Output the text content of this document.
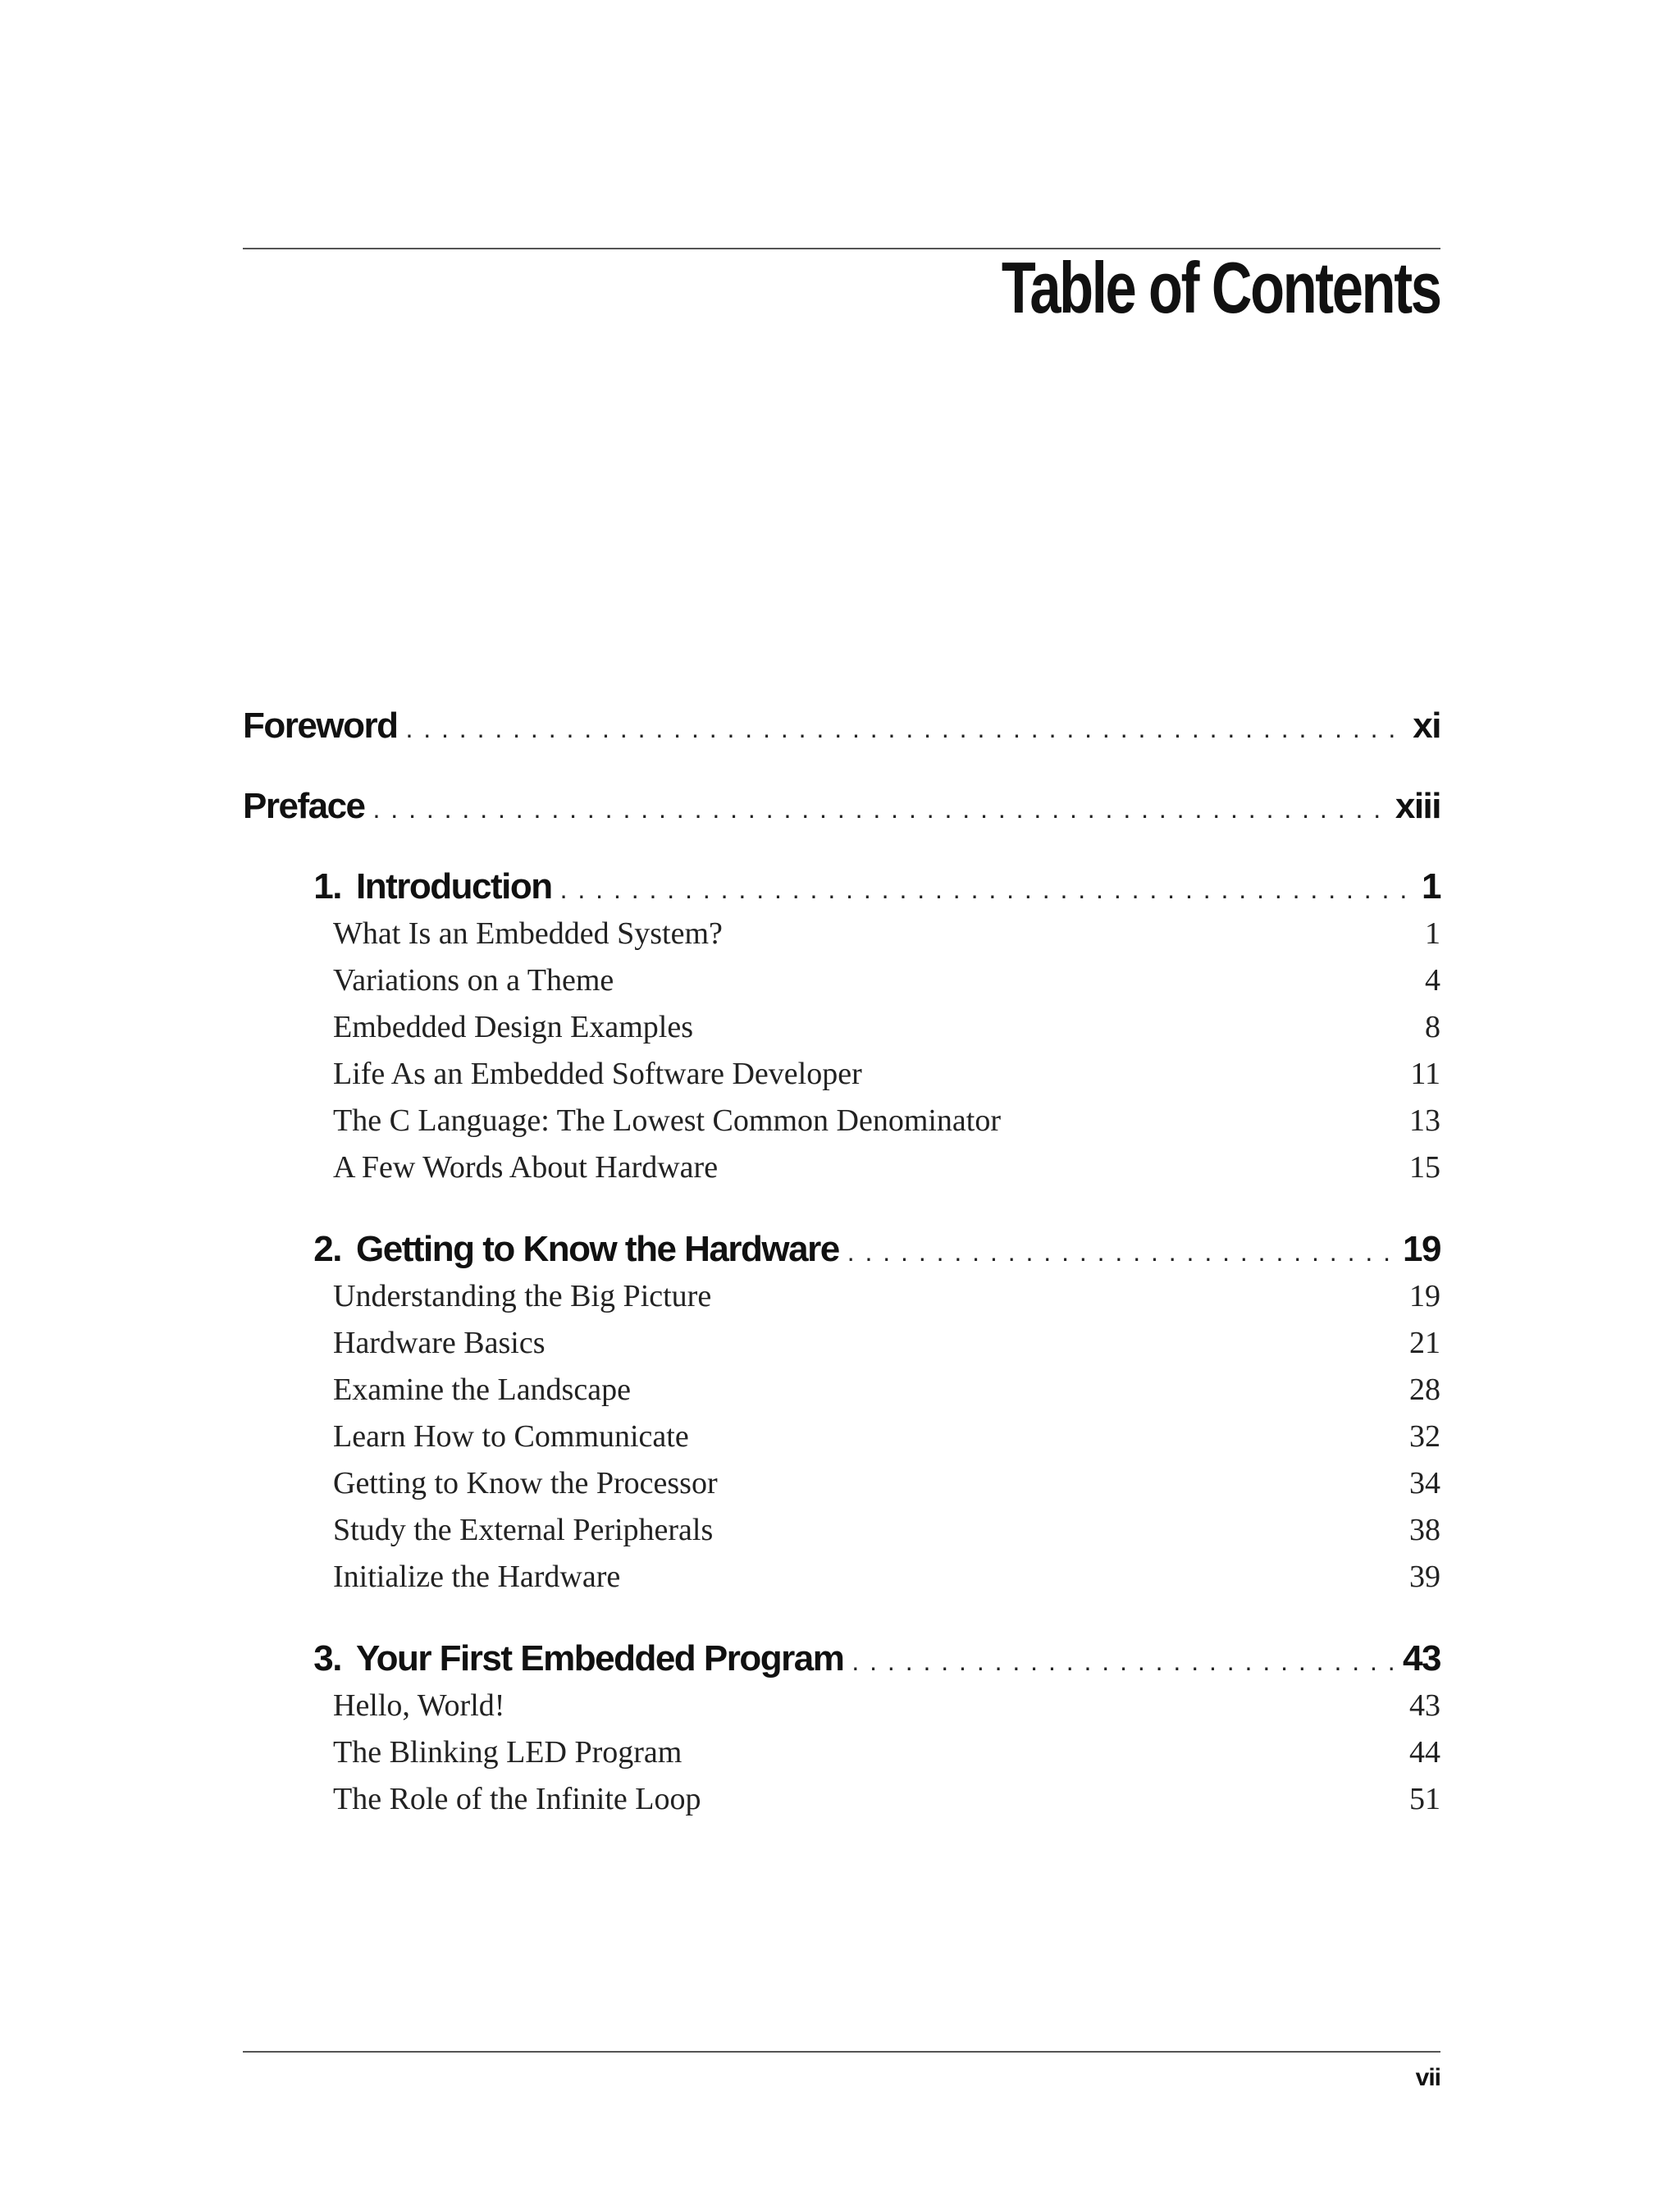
Table of Contents
Foreword . . .	xi
Preface . . .	xiii
1. Introduction . . .	1
What Is an Embedded System?	1
Variations on a Theme	4
Embedded Design Examples	8
Life As an Embedded Software Developer	11
The C Language: The Lowest Common Denominator	13
A Few Words About Hardware	15
2. Getting to Know the Hardware . . .	19
Understanding the Big Picture	19
Hardware Basics	21
Examine the Landscape	28
Learn How to Communicate	32
Getting to Know the Processor	34
Study the External Peripherals	38
Initialize the Hardware	39
3. Your First Embedded Program . . .	43
Hello, World!	43
The Blinking LED Program	44
The Role of the Infinite Loop	51
vii
